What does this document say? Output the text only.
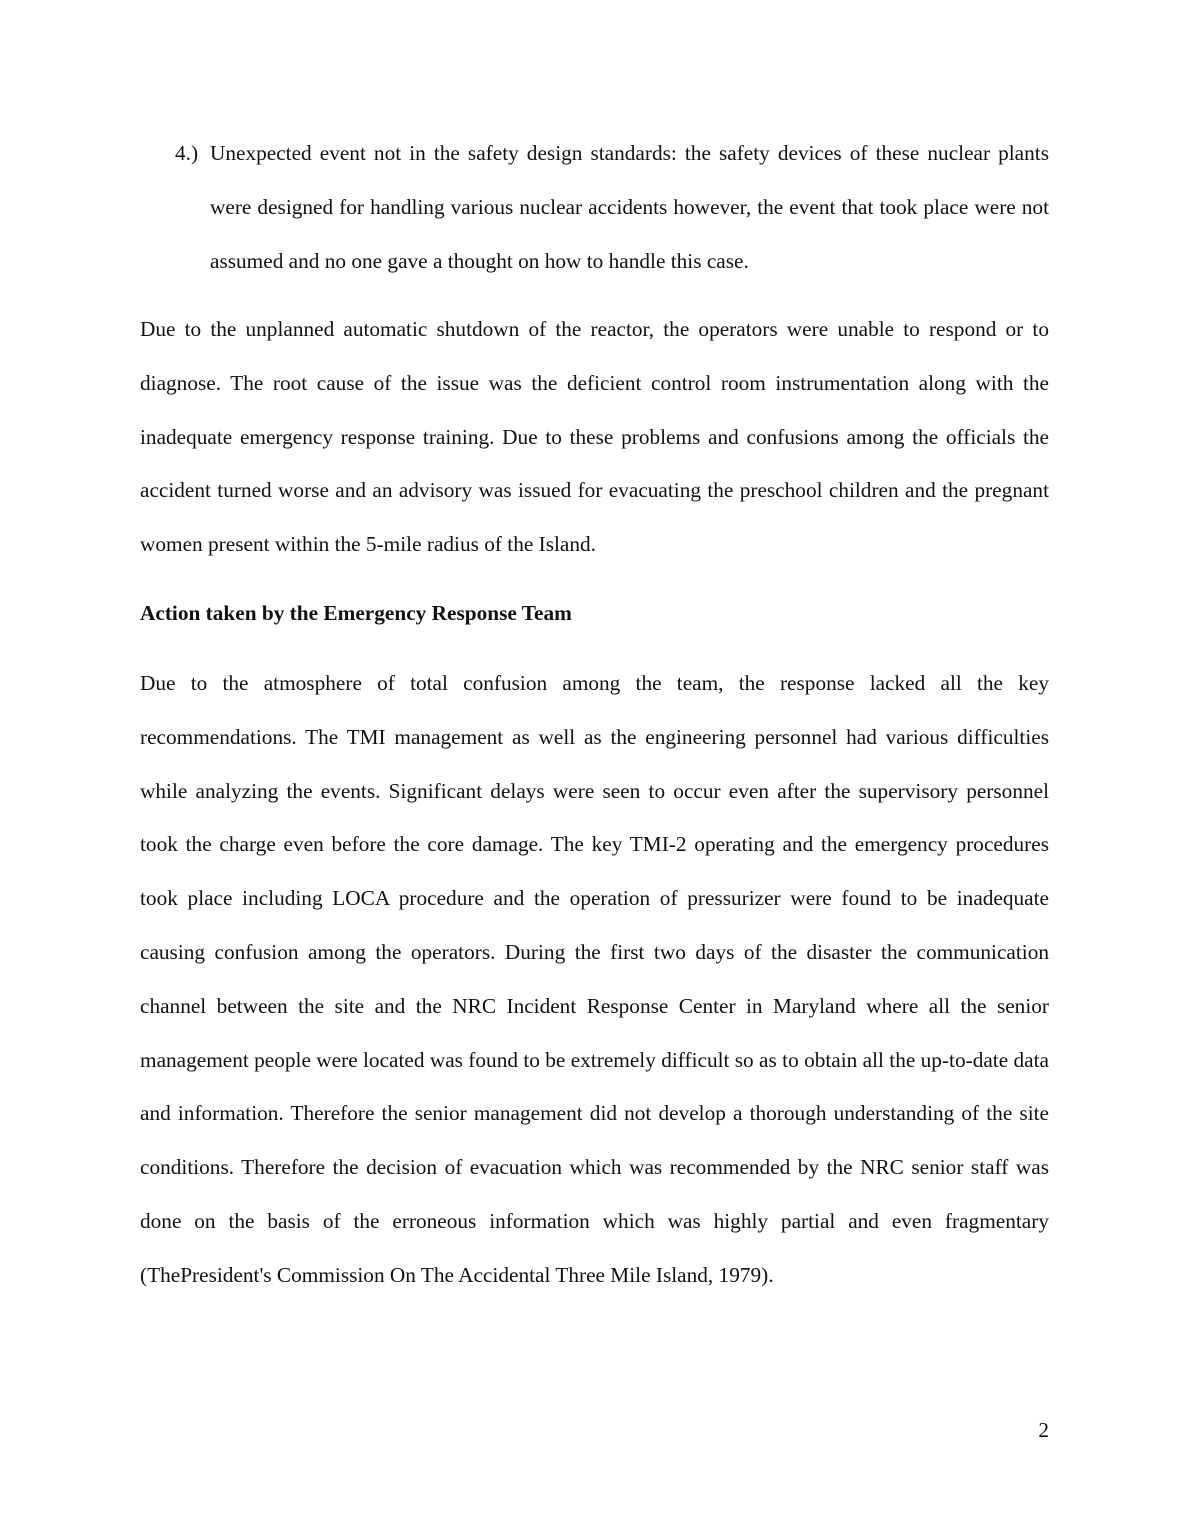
4.) Unexpected event not in the safety design standards: the safety devices of these nuclear plants were designed for handling various nuclear accidents however, the event that took place were not assumed and no one gave a thought on how to handle this case.
Due to the unplanned automatic shutdown of the reactor, the operators were unable to respond or to diagnose. The root cause of the issue was the deficient control room instrumentation along with the inadequate emergency response training. Due to these problems and confusions among the officials the accident turned worse and an advisory was issued for evacuating the preschool children and the pregnant women present within the 5-mile radius of the Island.
Action taken by the Emergency Response Team
Due to the atmosphere of total confusion among the team, the response lacked all the key recommendations. The TMI management as well as the engineering personnel had various difficulties while analyzing the events. Significant delays were seen to occur even after the supervisory personnel took the charge even before the core damage. The key TMI-2 operating and the emergency procedures took place including LOCA procedure and the operation of pressurizer were found to be inadequate causing confusion among the operators. During the first two days of the disaster the communication channel between the site and the NRC Incident Response Center in Maryland where all the senior management people were located was found to be extremely difficult so as to obtain all the up-to-date data and information. Therefore the senior management did not develop a thorough understanding of the site conditions. Therefore the decision of evacuation which was recommended by the NRC senior staff was done on the basis of the erroneous information which was highly partial and even fragmentary (ThePresident's Commission On The Accidental Three Mile Island, 1979).
2
